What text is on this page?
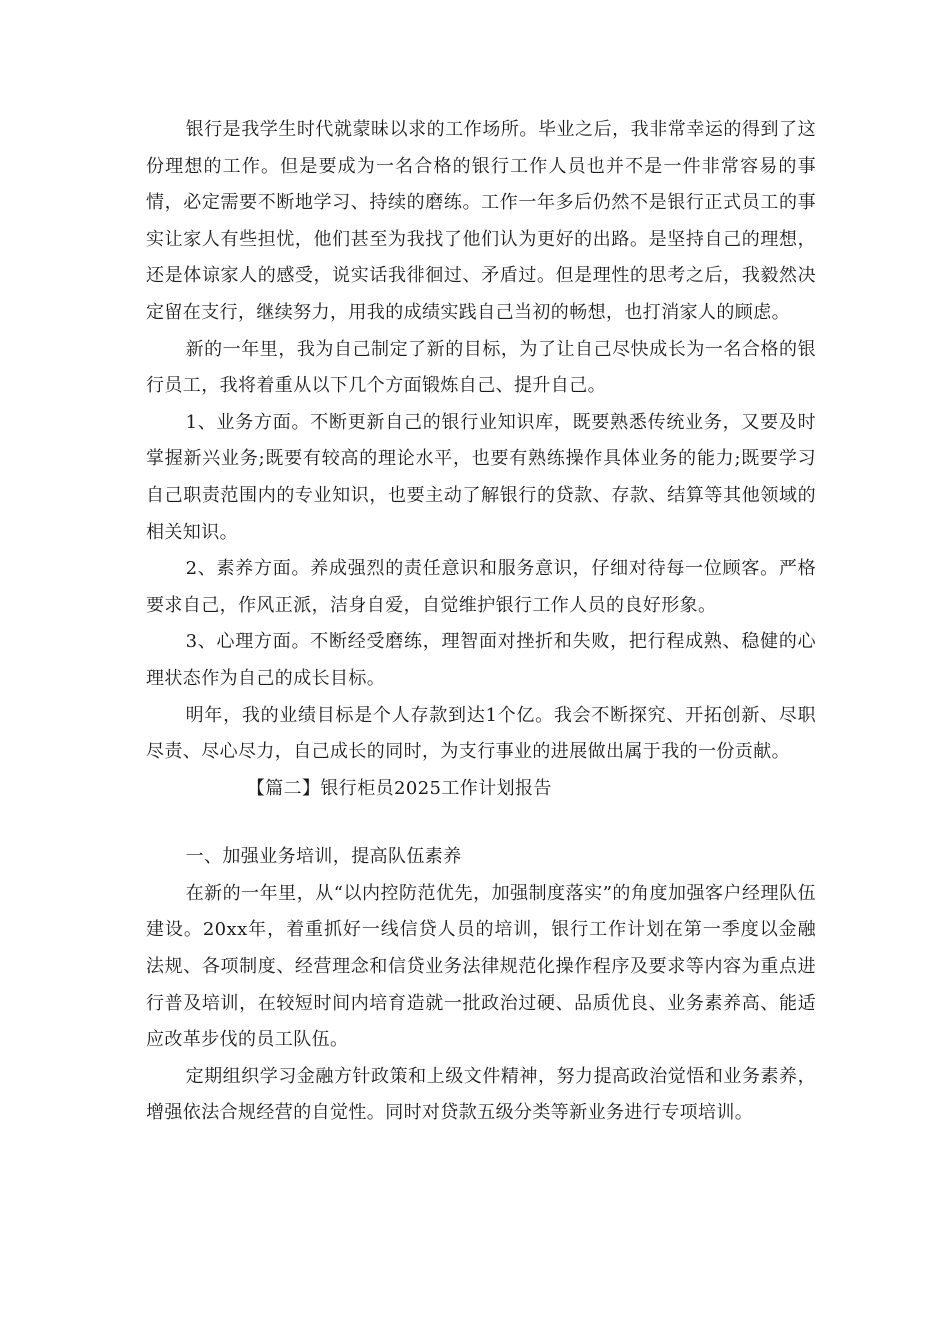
银行是我学生时代就蒙昧以求的工作场所。毕业之后，我非常幸运的得到了这份理想的工作。但是要成为一名合格的银行工作人员也并不是一件非常容易的事情，必定需要不断地学习、持续的磨练。工作一年多后仍然不是银行正式员工的事实让家人有些担忧，他们甚至为我找了他们认为更好的出路。是坚持自己的理想，还是体谅家人的感受，说实话我徘徊过、矛盾过。但是理性的思考之后，我毅然决定留在支行，继续努力，用我的成绩实践自己当初的畅想，也打消家人的顾虑。

新的一年里，我为自己制定了新的目标，为了让自己尽快成长为一名合格的银行员工，我将着重从以下几个方面锻炼自己、提升自己。

1、业务方面。不断更新自己的银行业知识库，既要熟悉传统业务，又要及时掌握新兴业务;既要有较高的理论水平，也要有熟练操作具体业务的能力;既要学习自己职责范围内的专业知识，也要主动了解银行的贷款、存款、结算等其他领域的相关知识。

2、素养方面。养成强烈的责任意识和服务意识，仔细对待每一位顾客。严格要求自己，作风正派，洁身自爱，自觉维护银行工作人员的良好形象。

3、心理方面。不断经受磨练，理智面对挫折和失败，把行程成熟、稳健的心理状态作为自己的成长目标。

明年，我的业绩目标是个人存款到达1个亿。我会不断探究、开拓创新、尽职尽责、尽心尽力，自己成长的同时，为支行事业的进展做出属于我的一份贡献。

【篇二】银行柜员2025工作计划报告

一、加强业务培训，提高队伍素养

在新的一年里，从“以内控防范优先，加强制度落实”的角度加强客户经理队伍建设。20xx年，着重抓好一线信贷人员的培训，银行工作计划在第一季度以金融法规、各项制度、经营理念和信贷业务法律规范化操作程序及要求等内容为重点进行普及培训，在较短时间内培育造就一批政治过硬、品质优良、业务素养高、能适应改革步伐的员工队伍。

定期组织学习金融方针政策和上级文件精神，努力提高政治觉悟和业务素养，增强依法合规经营的自觉性。同时对贷款五级分类等新业务进行专项培训。
